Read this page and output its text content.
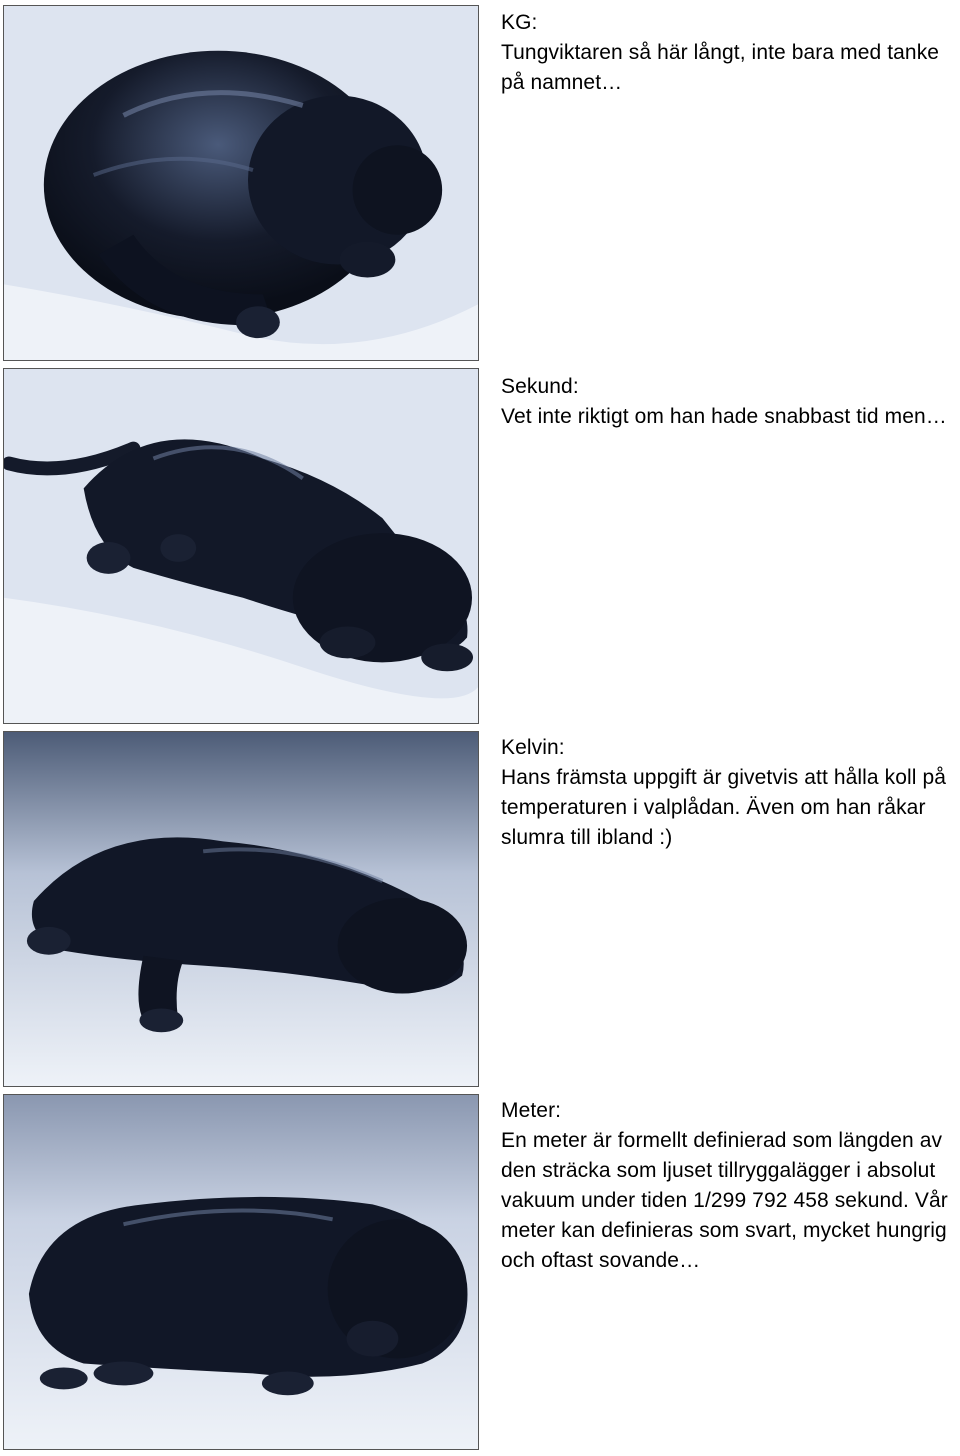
KG:
Tungviktaren så här långt, inte bara med tanke på namnet…
Sekund:
Vet inte riktigt om han hade snabbast tid men…
Kelvin:
Hans främsta uppgift är givetvis att hålla koll på temperaturen i valplådan. Även om han råkar slumra till ibland :)
Meter:
En meter är formellt definierad som längden av den sträcka som ljuset tillryggalägger i absolut vakuum under tiden 1/299 792 458 sekund. Vår meter kan definieras som svart, mycket hungrig och oftast sovande…
